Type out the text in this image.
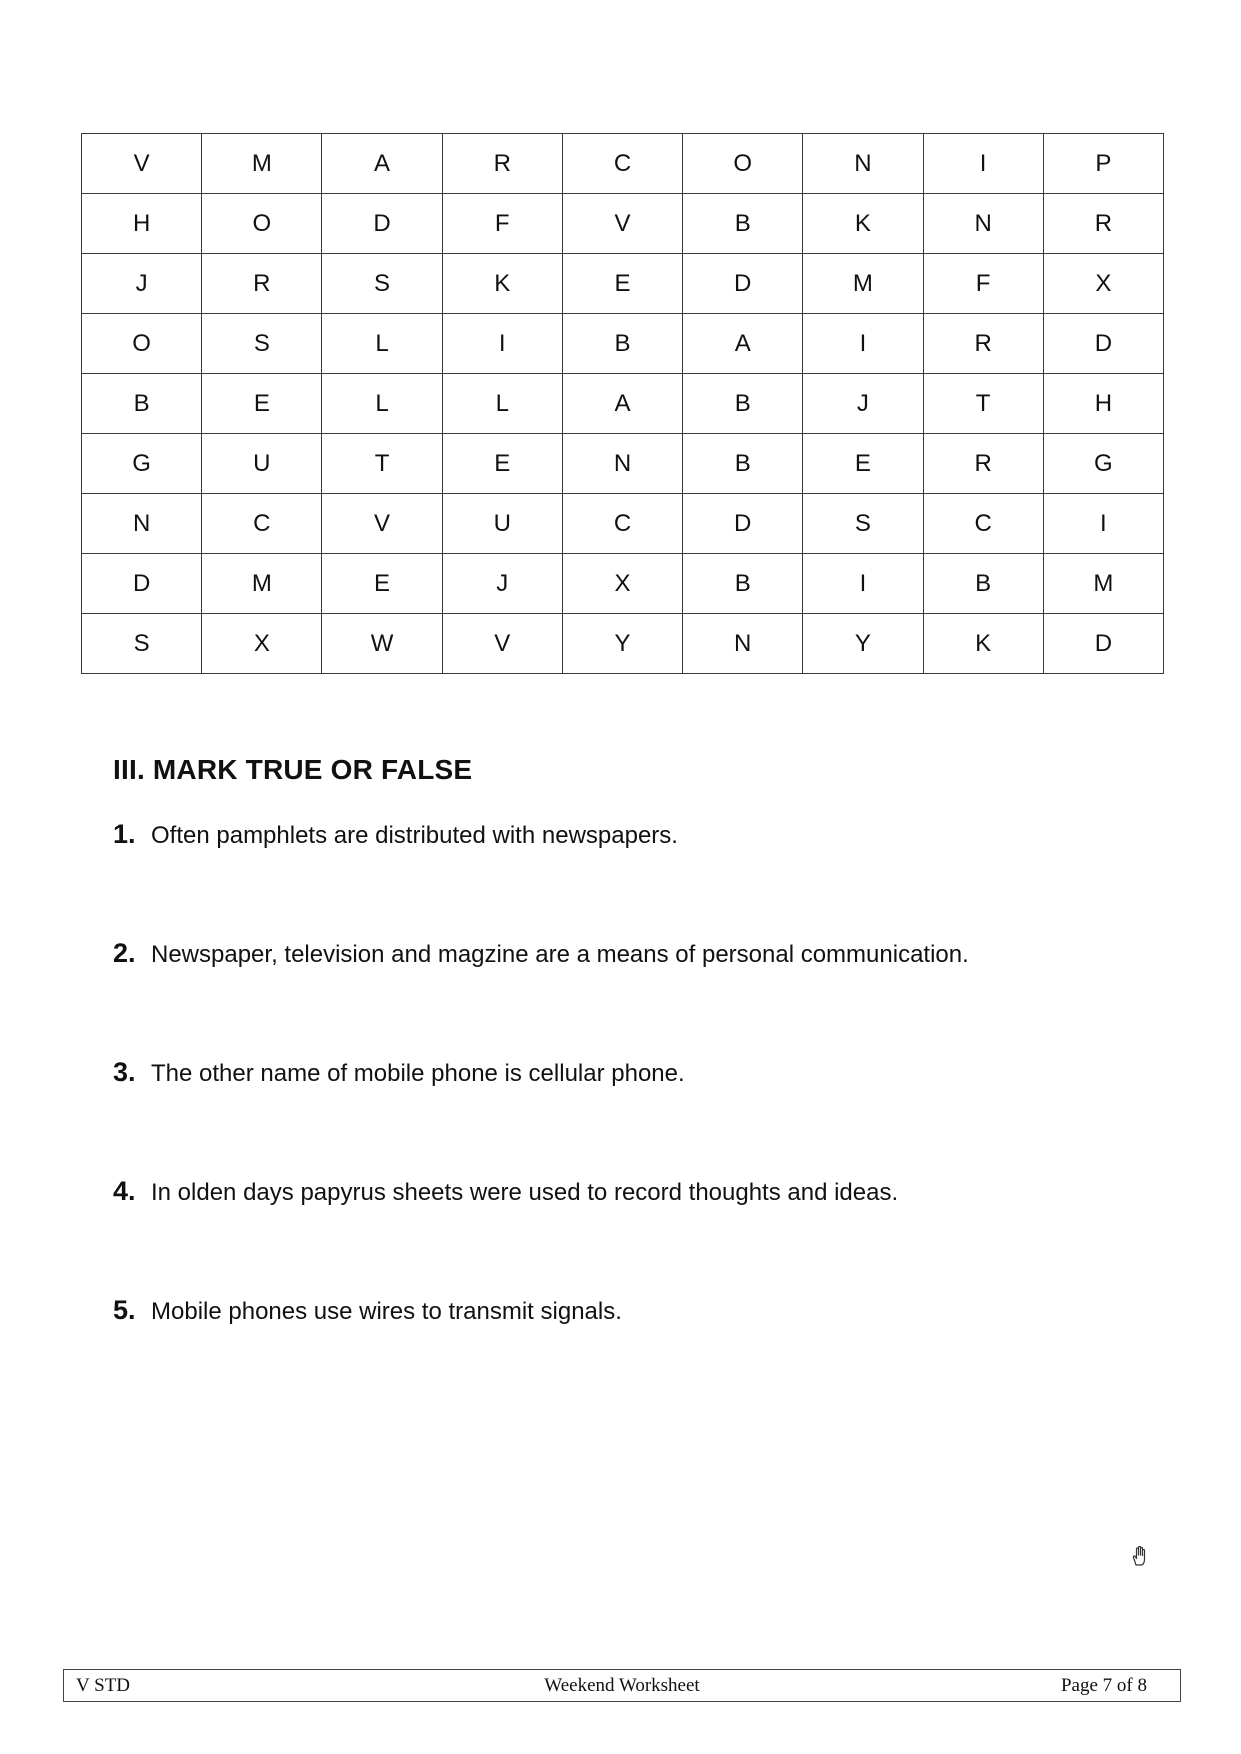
V	M	A	R	C	O	N	I	P
H	O	D	F	V	B	K	N	R
J	R	S	K	E	D	M	F	X
O	S	L	I	B	A	I	R	D
B	E	L	L	A	B	J	T	H
G	U	T	E	N	B	E	R	G
N	C	V	U	C	D	S	C	I
D	M	E	J	X	B	I	B	M
S	X	W	V	Y	N	Y	K	D
III. MARK TRUE OR FALSE
1. Often pamphlets are distributed with newspapers.
2. Newspaper, television and magzine are a means of personal communication.
3. The other name of mobile phone is cellular phone.
4. In olden days papyrus sheets were used to record thoughts and ideas.
5. Mobile phones use wires to transmit signals.
V STD	Weekend Worksheet	Page 7 of 8
